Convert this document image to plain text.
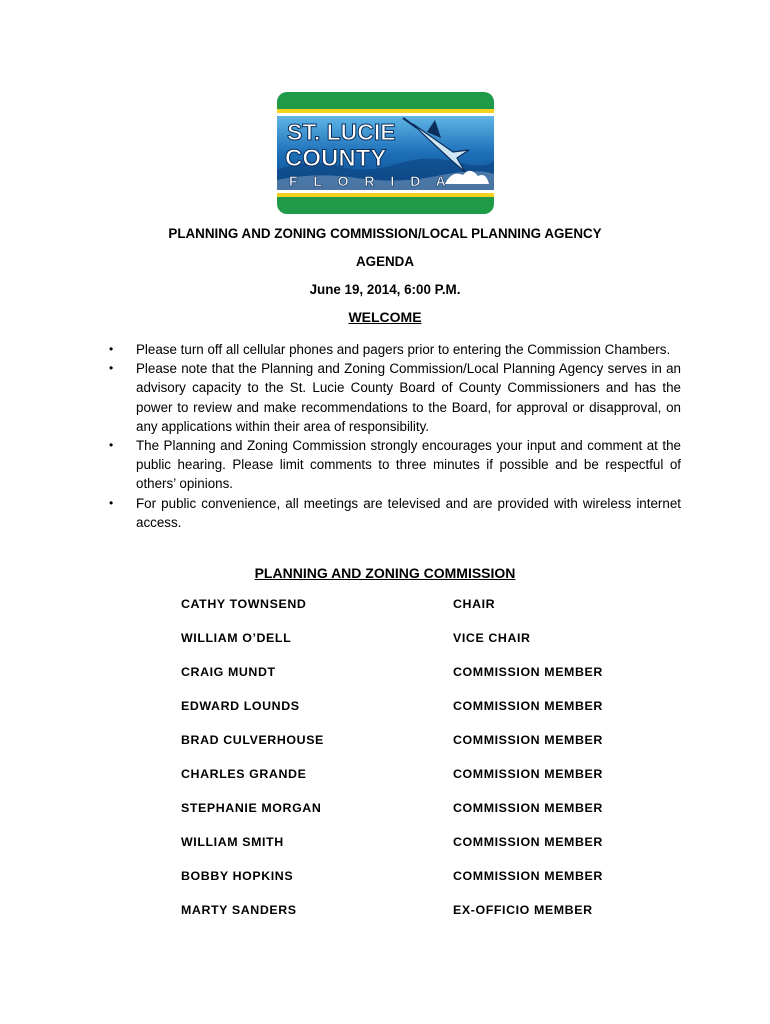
ST. LUCIE
COUNTY
F L O R I D A

PLANNING AND ZONING COMMISSION/LOCAL PLANNING AGENCY

AGENDA

June 19, 2014, 6:00 P.M.

WELCOME

•	Please turn off all cellular phones and pagers prior to entering the Commission Chambers.
•	Please note that the Planning and Zoning Commission/Local Planning Agency serves in an advisory capacity to the St. Lucie County Board of County Commissioners and has the power to review and make recommendations to the Board, for approval or disapproval, on any applications within their area of responsibility.
•	The Planning and Zoning Commission strongly encourages your input and comment at the public hearing. Please limit comments to three minutes if possible and be respectful of others’ opinions.
•	For public convenience, all meetings are televised and are provided with wireless internet access.

PLANNING AND ZONING COMMISSION

CATHY TOWNSEND	CHAIR
WILLIAM O’DELL	VICE CHAIR
CRAIG MUNDT	COMMISSION MEMBER
EDWARD LOUNDS	COMMISSION MEMBER
BRAD CULVERHOUSE	COMMISSION MEMBER
CHARLES GRANDE	COMMISSION MEMBER
STEPHANIE MORGAN	COMMISSION MEMBER
WILLIAM SMITH	COMMISSION MEMBER
BOBBY HOPKINS	COMMISSION MEMBER
MARTY SANDERS	EX-OFFICIO MEMBER
